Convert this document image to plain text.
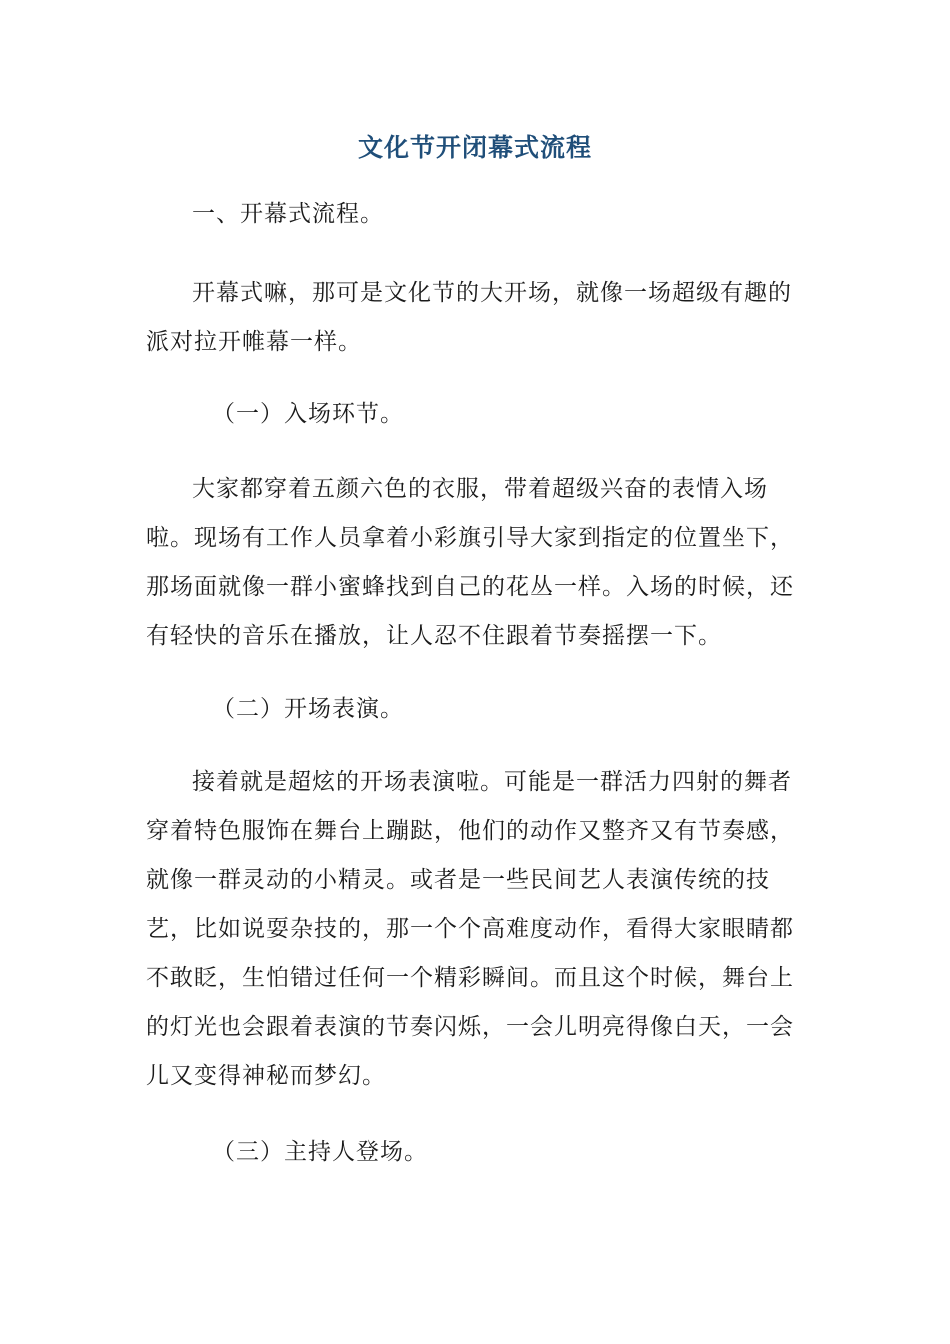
文化节开闭幕式流程

一、开幕式流程。

开幕式嘛，那可是文化节的大开场，就像一场超级有趣的派对拉开帷幕一样。

（一）入场环节。

大家都穿着五颜六色的衣服，带着超级兴奋的表情入场啦。现场有工作人员拿着小彩旗引导大家到指定的位置坐下，那场面就像一群小蜜蜂找到自己的花丛一样。入场的时候，还有轻快的音乐在播放，让人忍不住跟着节奏摇摆一下。

（二）开场表演。

接着就是超炫的开场表演啦。可能是一群活力四射的舞者穿着特色服饰在舞台上蹦跶，他们的动作又整齐又有节奏感，就像一群灵动的小精灵。或者是一些民间艺人表演传统的技艺，比如说耍杂技的，那一个个高难度动作，看得大家眼睛都不敢眨，生怕错过任何一个精彩瞬间。而且这个时候，舞台上的灯光也会跟着表演的节奏闪烁，一会儿明亮得像白天，一会儿又变得神秘而梦幻。

（三）主持人登场。
